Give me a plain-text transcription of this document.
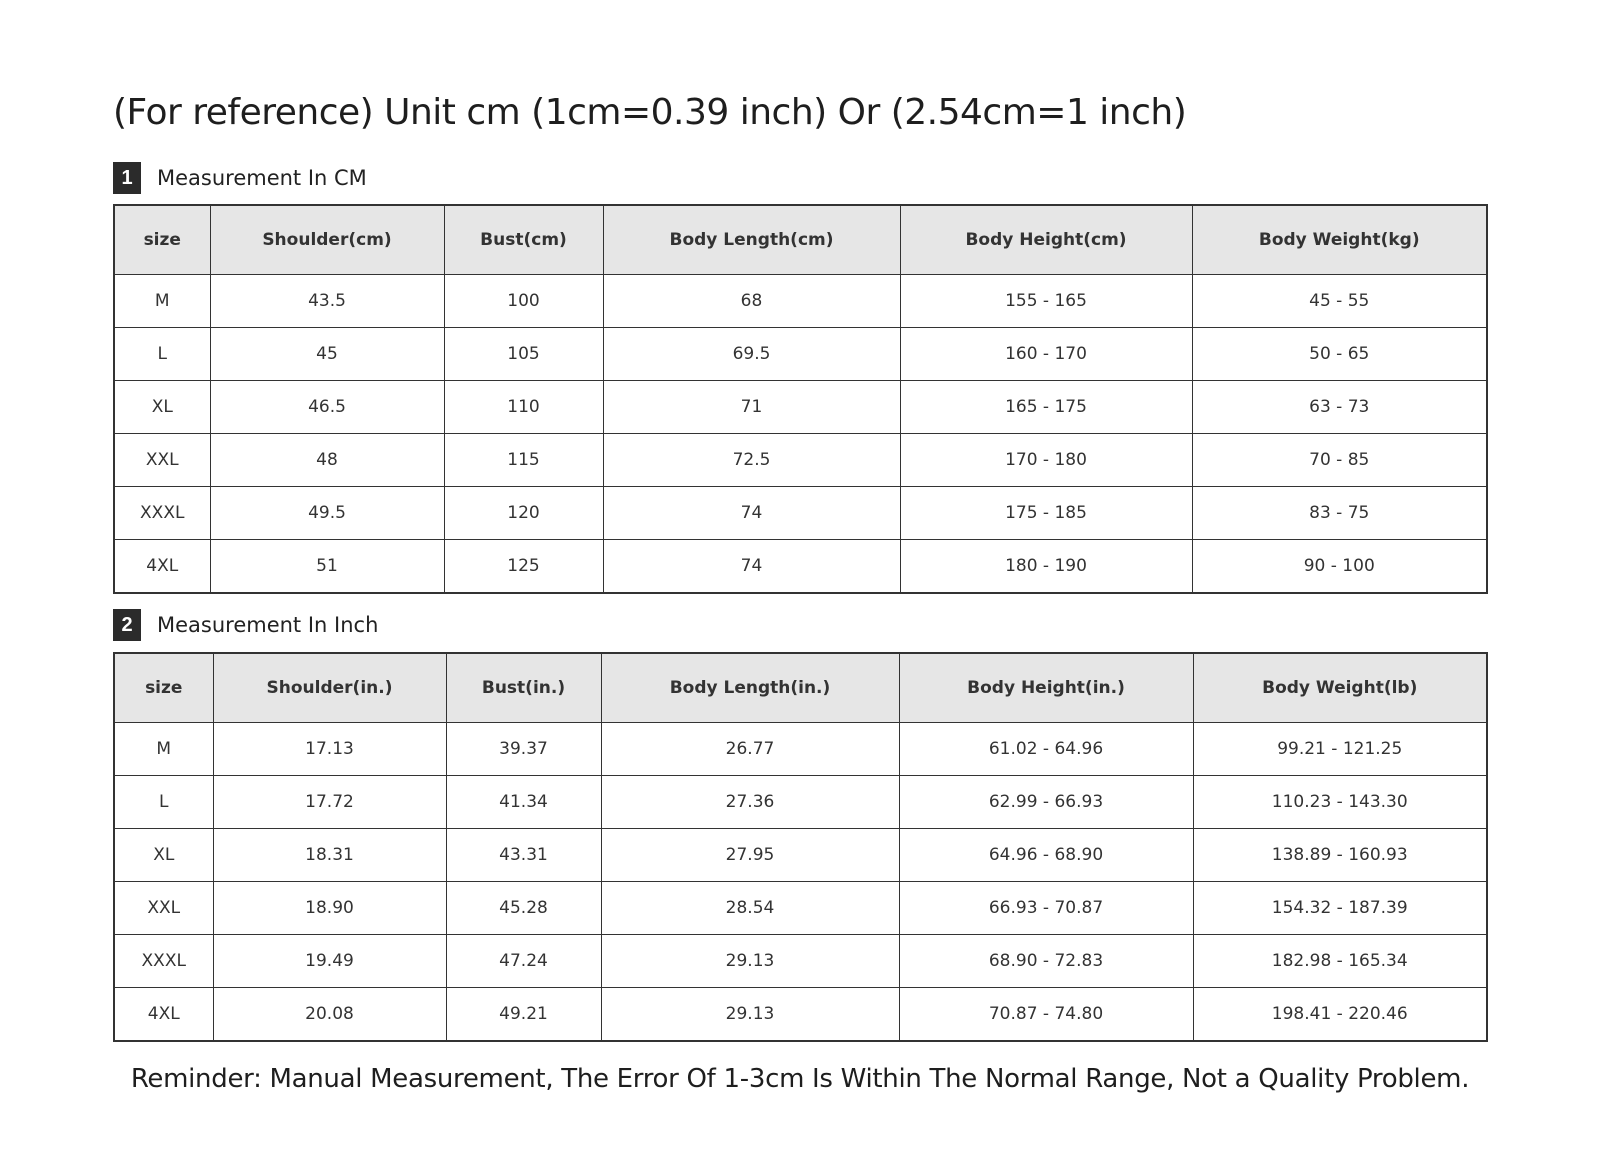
(For reference) Unit cm (1cm=0.39 inch) Or (2.54cm=1 inch)
1	Measurement In CM
size	Shoulder(cm)	Bust(cm)	Body Length(cm)	Body Height(cm)	Body Weight(kg)
M	43.5	100	68	155 - 165	45 - 55
L	45	105	69.5	160 - 170	50 - 65
XL	46.5	110	71	165 - 175	63 - 73
XXL	48	115	72.5	170 - 180	70 - 85
XXXL	49.5	120	74	175 - 185	83 - 75
4XL	51	125	74	180 - 190	90 - 100
2	Measurement In Inch
size	Shoulder(in.)	Bust(in.)	Body Length(in.)	Body Height(in.)	Body Weight(lb)
M	17.13	39.37	26.77	61.02 - 64.96	99.21 - 121.25
L	17.72	41.34	27.36	62.99 - 66.93	110.23 - 143.30
XL	18.31	43.31	27.95	64.96 - 68.90	138.89 - 160.93
XXL	18.90	45.28	28.54	66.93 - 70.87	154.32 - 187.39
XXXL	19.49	47.24	29.13	68.90 - 72.83	182.98 - 165.34
4XL	20.08	49.21	29.13	70.87 - 74.80	198.41 - 220.46
Reminder: Manual Measurement, The Error Of 1-3cm Is Within The Normal Range, Not a Quality Problem.
